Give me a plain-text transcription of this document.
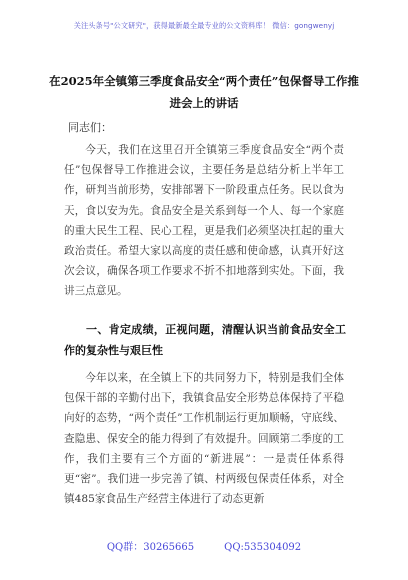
关注头条号"公文研究"，获得最新最全最专业的公文资料库！ 微信：gongwenyj
在2025年全镇第三季度食品安全“两个责任”包保督导工作推进会上的讲话
同志们：
今天，我们在这里召开全镇第三季度食品安全“两个责任”包保督导工作推进会议，主要任务是总结分析上半年工作，研判当前形势，安排部署下一阶段重点任务。民以食为天，食以安为先。食品安全是关系到每一个人、每一个家庭的重大民生工程、民心工程，更是我们必须坚决扛起的重大政治责任。希望大家以高度的责任感和使命感，认真开好这次会议，确保各项工作要求不折不扣地落到实处。下面，我讲三点意见。
一、肯定成绩，正视问题，清醒认识当前食品安全工作的复杂性与艰巨性
今年以来，在全镇上下的共同努力下，特别是我们全体包保干部的辛勤付出下，我镇食品安全形势总体保持了平稳向好的态势，“两个责任”工作机制运行更加顺畅，守底线、查隐患、保安全的能力得到了有效提升。回顾第二季度的工作，我们主要有三个方面的“新进展”：一是责任体系得更“密”。我们进一步完善了镇、村两级包保责任体系，对全镇485家食品生产经营主体进行了动态更新
QQ群：30265665	QQ:535304092
